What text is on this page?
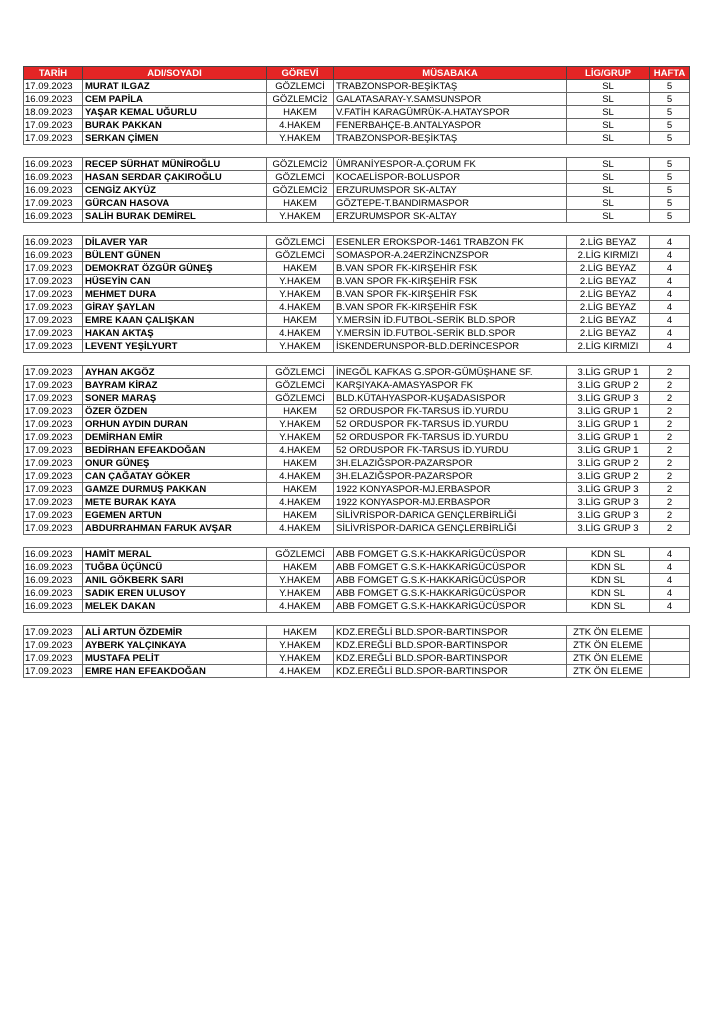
TARİH	ADI/SOYADI	GÖREVİ	MÜSABAKA	LİG/GRUP	HAFTA
17.09.2023	MURAT ILGAZ	GÖZLEMCİ	TRABZONSPOR-BEŞİKTAŞ	SL	5
16.09.2023	CEM PAPİLA	GÖZLEMCİ2	GALATASARAY-Y.SAMSUNSPOR	SL	5
18.09.2023	YAŞAR KEMAL UĞURLU	HAKEM	V.FATİH KARAGÜMRÜK-A.HATAYSPOR	SL	5
17.09.2023	BURAK PAKKAN	4.HAKEM	FENERBAHÇE-B.ANTALYASPOR	SL	5
17.09.2023	SERKAN ÇİMEN	Y.HAKEM	TRABZONSPOR-BEŞİKTAŞ	SL	5

16.09.2023	RECEP SÜRHAT MÜNİROĞLU	GÖZLEMCİ2	ÜMRANİYESPOR-A.ÇORUM FK	SL	5
16.09.2023	HASAN SERDAR ÇAKIROĞLU	GÖZLEMCİ	KOCAELİSPOR-BOLUSPOR	SL	5
16.09.2023	CENGİZ AKYÜZ	GÖZLEMCİ2	ERZURUMSPOR SK-ALTAY	SL	5
17.09.2023	GÜRCAN HASOVA	HAKEM	GÖZTEPE-T.BANDIRMASPOR	SL	5
16.09.2023	SALİH BURAK DEMİREL	Y.HAKEM	ERZURUMSPOR SK-ALTAY	SL	5

16.09.2023	DİLAVER YAR	GÖZLEMCİ	ESENLER EROKSPOR-1461 TRABZON FK	2.LİG BEYAZ	4
16.09.2023	BÜLENT GÜNEN	GÖZLEMCİ	SOMASPOR-A.24ERZİNCNZSPOR	2.LİG KIRMIZI	4
17.09.2023	DEMOKRAT ÖZGÜR GÜNEŞ	HAKEM	B.VAN SPOR FK-KIRŞEHİR FSK	2.LİG BEYAZ	4
17.09.2023	HÜSEYİN CAN	Y.HAKEM	B.VAN SPOR FK-KIRŞEHİR FSK	2.LİG BEYAZ	4
17.09.2023	MEHMET DURA	Y.HAKEM	B.VAN SPOR FK-KIRŞEHİR FSK	2.LİG BEYAZ	4
17.09.2023	GİRAY ŞAYLAN	4.HAKEM	B.VAN SPOR FK-KIRŞEHİR FSK	2.LİG BEYAZ	4
17.09.2023	EMRE KAAN ÇALIŞKAN	HAKEM	Y.MERSİN İD.FUTBOL-SERİK BLD.SPOR	2.LİG BEYAZ	4
17.09.2023	HAKAN AKTAŞ	4.HAKEM	Y.MERSİN İD.FUTBOL-SERİK BLD.SPOR	2.LİG BEYAZ	4
17.09.2023	LEVENT YEŞİLYURT	Y.HAKEM	İSKENDERUNSPOR-BLD.DERİNCESPOR	2.LİG KIRMIZI	4

17.09.2023	AYHAN AKGÖZ	GÖZLEMCİ	İNEGÖL KAFKAS G.SPOR-GÜMÜŞHANE SF.	3.LİG GRUP 1	2
17.09.2023	BAYRAM KİRAZ	GÖZLEMCİ	KARŞIYAKA-AMASYASPOR FK	3.LİG GRUP 2	2
17.09.2023	SONER MARAŞ	GÖZLEMCİ	BLD.KÜTAHYASPOR-KUŞADASISPOR	3.LİG GRUP 3	2
17.09.2023	ÖZER ÖZDEN	HAKEM	52 ORDUSPOR FK-TARSUS İD.YURDU	3.LİG GRUP 1	2
17.09.2023	ORHUN AYDIN DURAN	Y.HAKEM	52 ORDUSPOR FK-TARSUS İD.YURDU	3.LİG GRUP 1	2
17.09.2023	DEMİRHAN EMİR	Y.HAKEM	52 ORDUSPOR FK-TARSUS İD.YURDU	3.LİG GRUP 1	2
17.09.2023	BEDİRHAN EFEAKDOĞAN	4.HAKEM	52 ORDUSPOR FK-TARSUS İD.YURDU	3.LİG GRUP 1	2
17.09.2023	ONUR GÜNEŞ	HAKEM	3H.ELAZIĞSPOR-PAZARSPOR	3.LİG GRUP 2	2
17.09.2023	CAN ÇAĞATAY GÖKER	4.HAKEM	3H.ELAZIĞSPOR-PAZARSPOR	3.LİG GRUP 2	2
17.09.2023	GAMZE DURMUŞ PAKKAN	HAKEM	1922 KONYASPOR-MJ.ERBASPOR	3.LİG GRUP 3	2
17.09.2023	METE BURAK KAYA	4.HAKEM	1922 KONYASPOR-MJ.ERBASPOR	3.LİG GRUP 3	2
17.09.2023	EGEMEN ARTUN	HAKEM	SİLİVRİSPOR-DARICA GENÇLERBİRLİĞİ	3.LİG GRUP 3	2
17.09.2023	ABDURRAHMAN FARUK AVŞAR	4.HAKEM	SİLİVRİSPOR-DARICA GENÇLERBİRLİĞİ	3.LİG GRUP 3	2

16.09.2023	HAMİT MERAL	GÖZLEMCİ	ABB FOMGET G.S.K-HAKKARİGÜCÜSPOR	KDN SL	4
16.09.2023	TUĞBA ÜÇÜNCÜ	HAKEM	ABB FOMGET G.S.K-HAKKARİGÜCÜSPOR	KDN SL	4
16.09.2023	ANIL GÖKBERK SARI	Y.HAKEM	ABB FOMGET G.S.K-HAKKARİGÜCÜSPOR	KDN SL	4
16.09.2023	SADIK EREN ULUSOY	Y.HAKEM	ABB FOMGET G.S.K-HAKKARİGÜCÜSPOR	KDN SL	4
16.09.2023	MELEK DAKAN	4.HAKEM	ABB FOMGET G.S.K-HAKKARİGÜCÜSPOR	KDN SL	4

17.09.2023	ALİ ARTUN ÖZDEMİR	HAKEM	KDZ.EREĞLİ BLD.SPOR-BARTINSPOR	ZTK ÖN ELEME	
17.09.2023	AYBERK YALÇINKAYA	Y.HAKEM	KDZ.EREĞLİ BLD.SPOR-BARTINSPOR	ZTK ÖN ELEME	
17.09.2023	MUSTAFA PELİT	Y.HAKEM	KDZ.EREĞLİ BLD.SPOR-BARTINSPOR	ZTK ÖN ELEME	
17.09.2023	EMRE HAN EFEAKDOĞAN	4.HAKEM	KDZ.EREĞLİ BLD.SPOR-BARTINSPOR	ZTK ÖN ELEME	
